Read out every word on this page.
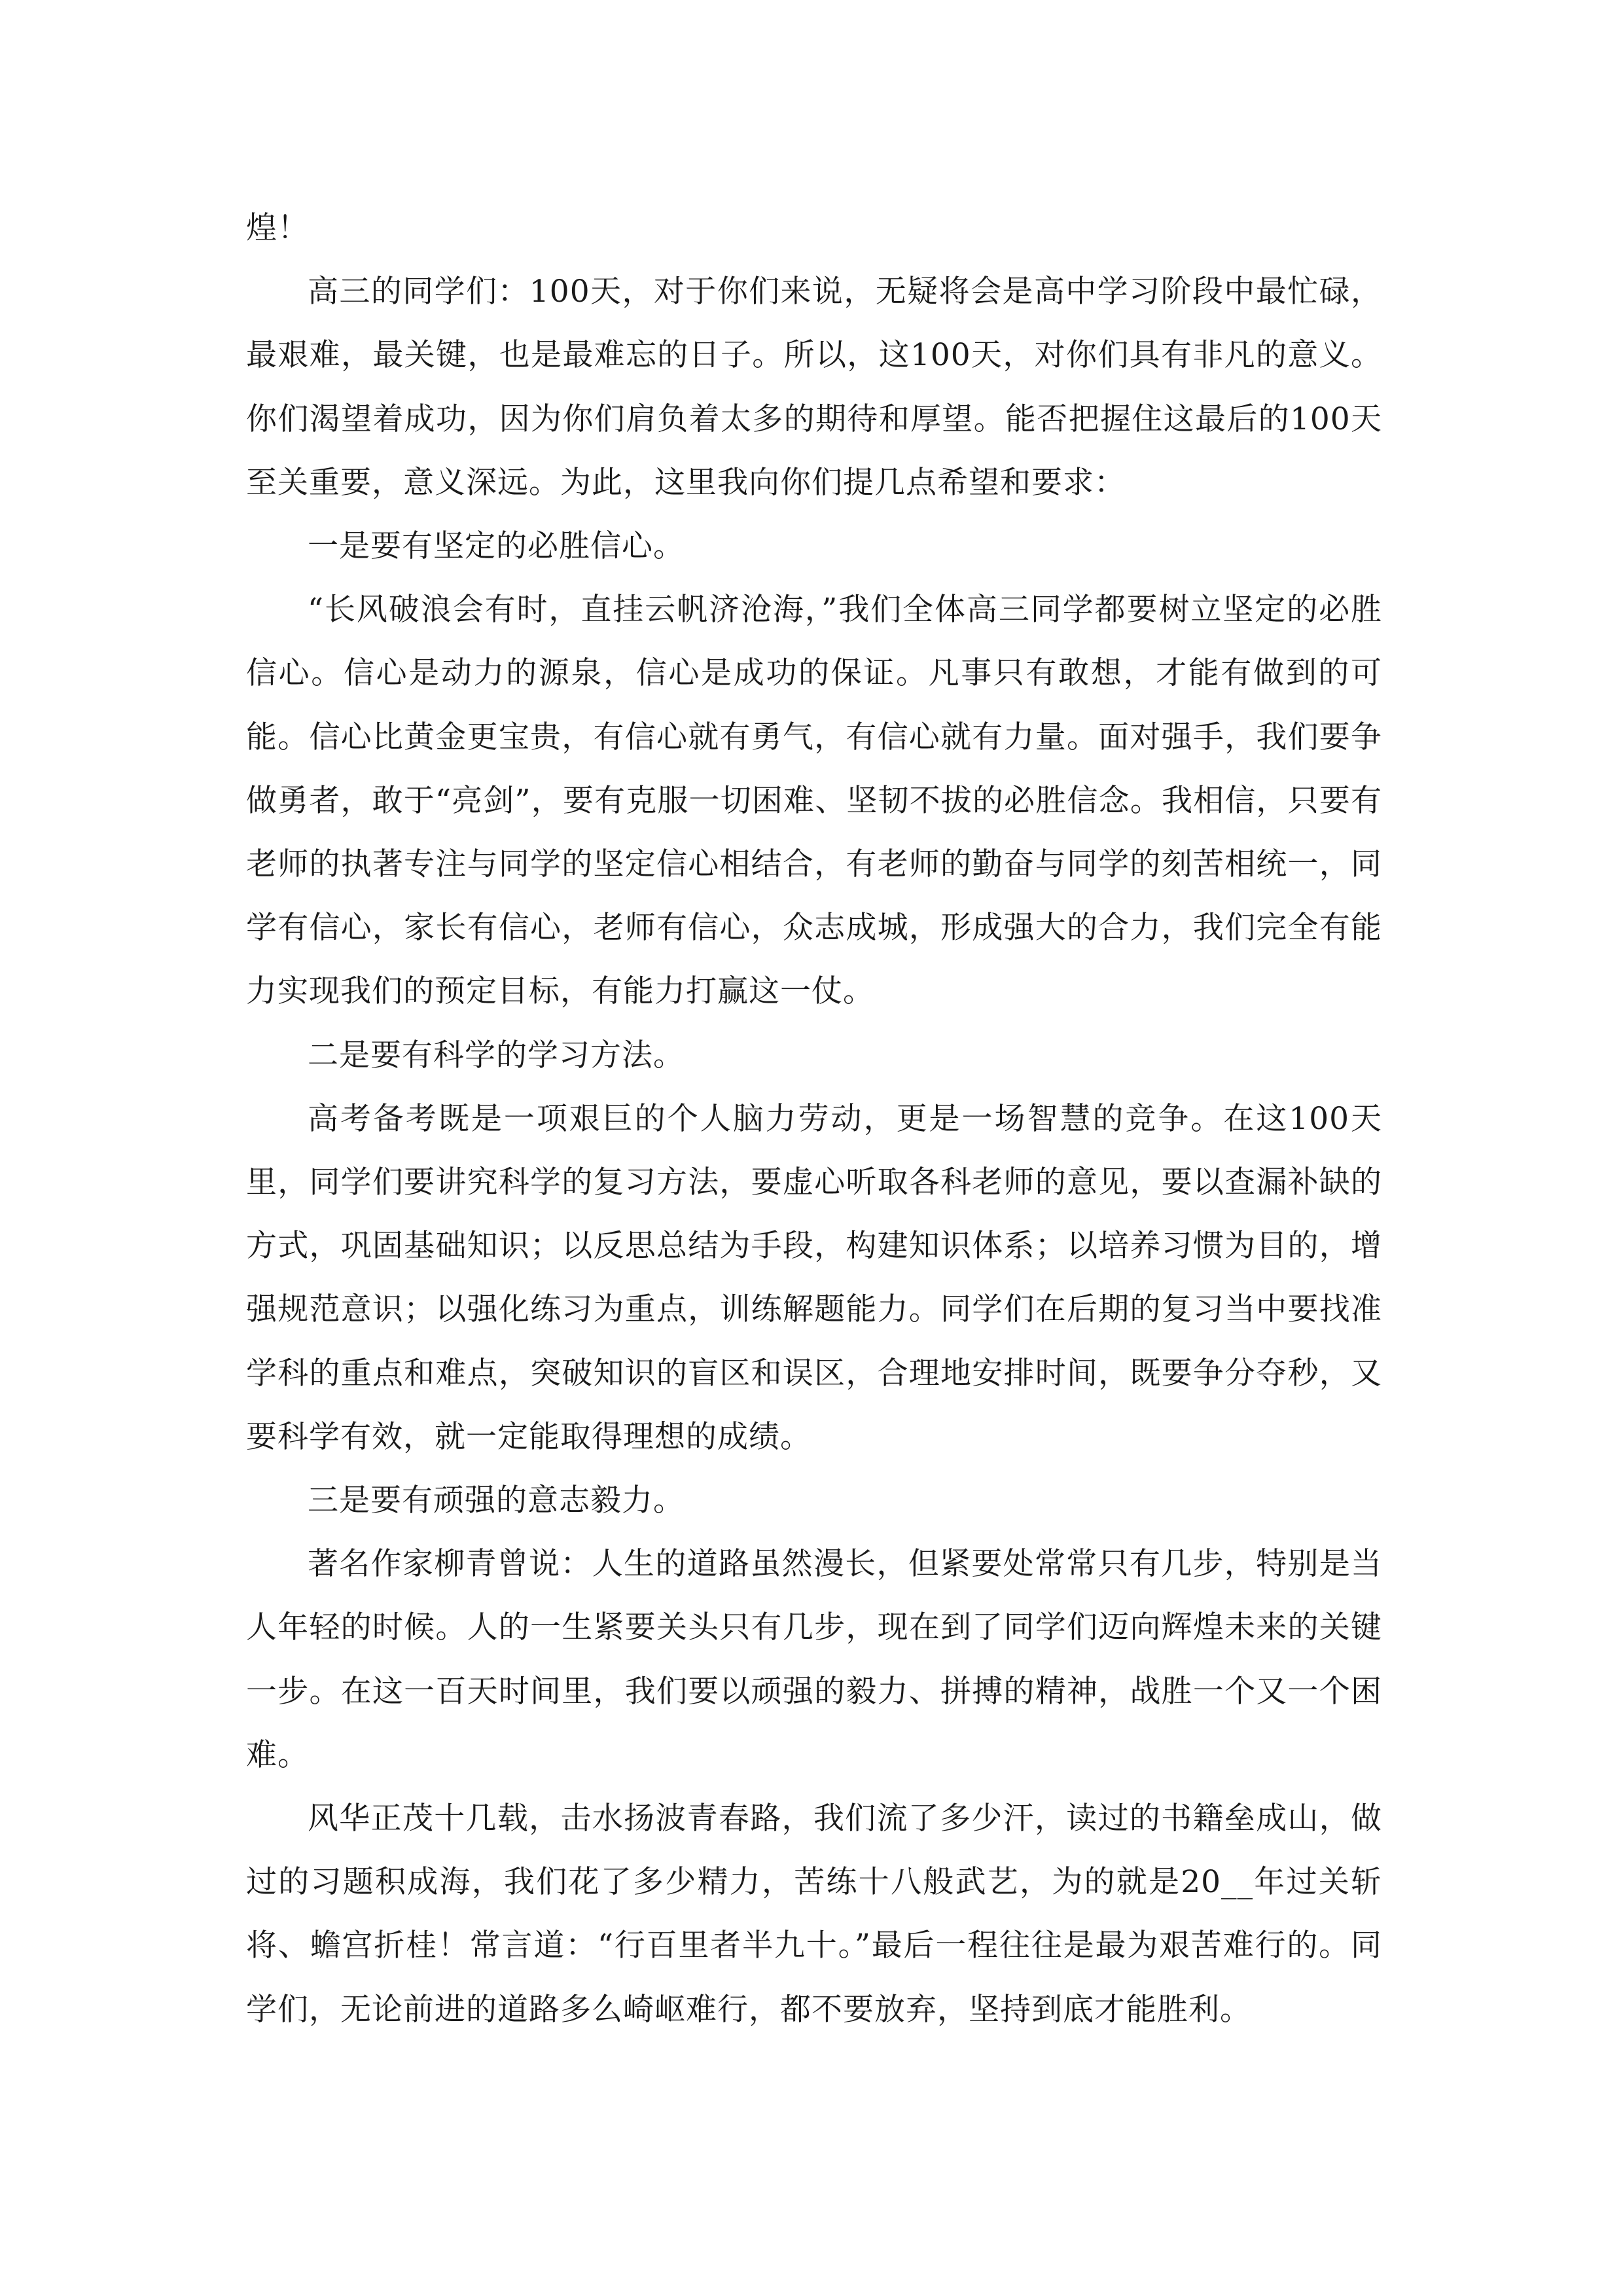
煌！

高三的同学们：100天，对于你们来说，无疑将会是高中学习阶段中最忙碌，最艰难，最关键，也是最难忘的日子。所以，这100天，对你们具有非凡的意义。你们渴望着成功，因为你们肩负着太多的期待和厚望。能否把握住这最后的100天至关重要，意义深远。为此，这里我向你们提几点希望和要求：

一是要有坚定的必胜信心。

“长风破浪会有时，直挂云帆济沧海，”我们全体高三同学都要树立坚定的必胜信心。信心是动力的源泉，信心是成功的保证。凡事只有敢想，才能有做到的可能。信心比黄金更宝贵，有信心就有勇气，有信心就有力量。面对强手，我们要争做勇者，敢于“亮剑”，要有克服一切困难、坚韧不拔的必胜信念。我相信，只要有老师的执著专注与同学的坚定信心相结合，有老师的勤奋与同学的刻苦相统一，同学有信心，家长有信心，老师有信心，众志成城，形成强大的合力，我们完全有能力实现我们的预定目标，有能力打赢这一仗。

二是要有科学的学习方法。

高考备考既是一项艰巨的个人脑力劳动，更是一场智慧的竞争。在这100天里，同学们要讲究科学的复习方法，要虚心听取各科老师的意见，要以查漏补缺的方式，巩固基础知识；以反思总结为手段，构建知识体系；以培养习惯为目的，增强规范意识；以强化练习为重点，训练解题能力。同学们在后期的复习当中要找准学科的重点和难点，突破知识的盲区和误区，合理地安排时间，既要争分夺秒，又要科学有效，就一定能取得理想的成绩。

三是要有顽强的意志毅力。

著名作家柳青曾说：人生的道路虽然漫长，但紧要处常常只有几步，特别是当人年轻的时候。人的一生紧要关头只有几步，现在到了同学们迈向辉煌未来的关键一步。在这一百天时间里，我们要以顽强的毅力、拼搏的精神，战胜一个又一个困难。

风华正茂十几载，击水扬波青春路，我们流了多少汗，读过的书籍垒成山，做过的习题积成海，我们花了多少精力，苦练十八般武艺，为的就是20__年过关斩将、蟾宫折桂！常言道：“行百里者半九十。”最后一程往往是最为艰苦难行的。同学们，无论前进的道路多么崎岖难行，都不要放弃，坚持到底才能胜利。
